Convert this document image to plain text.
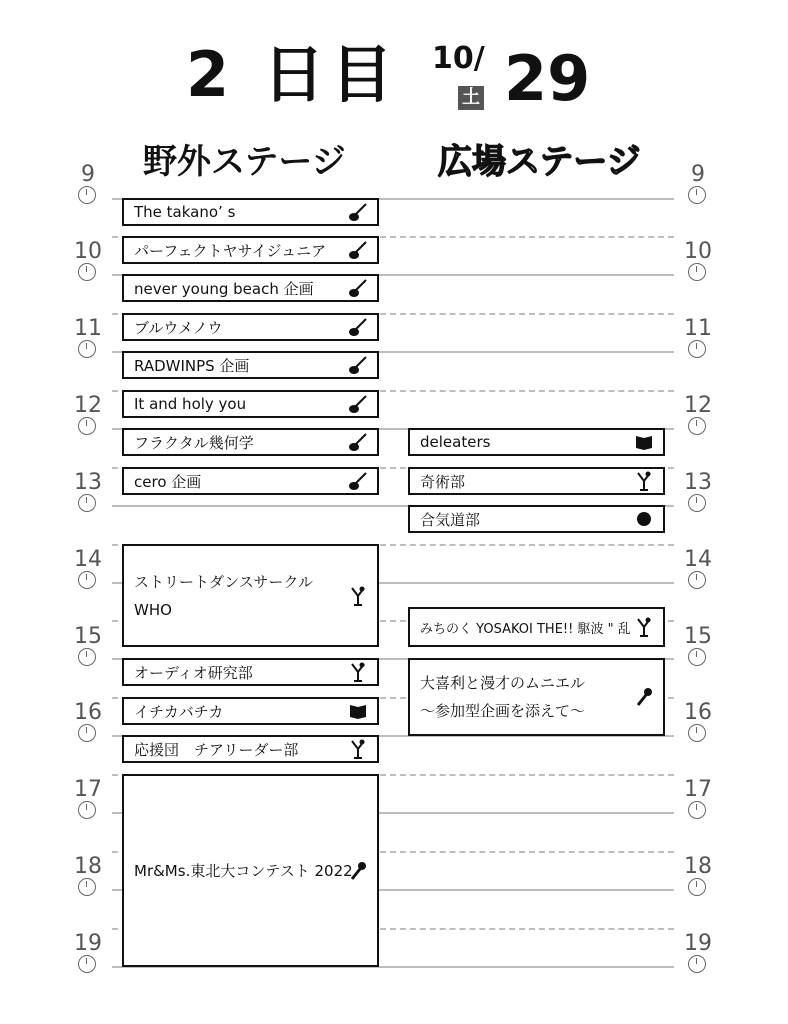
2 日目 10/
土 29
野外ステージ	広場ステージ
9
10
11
12
13
14
15
16
17
18
19
9
10
11
12
13
14
15
16
17
18
19
The takano’ s
パーフェクトヤサイジュニア
never young beach 企画
ブルウメノウ
RADWINPS 企画
It and holy you
フラクタル幾何学
cero 企画
ストリートダンスサークル
WHO
オーディオ研究部
イチカバチカ
応援団　チアリーダー部
Mr&Ms.東北大コンテスト 2022
deleaters
奇術部
合気道部
みちのく YOSAKOI THE!! 駆波 " 乱
大喜利と漫才のムニエル
～参加型企画を添えて～
